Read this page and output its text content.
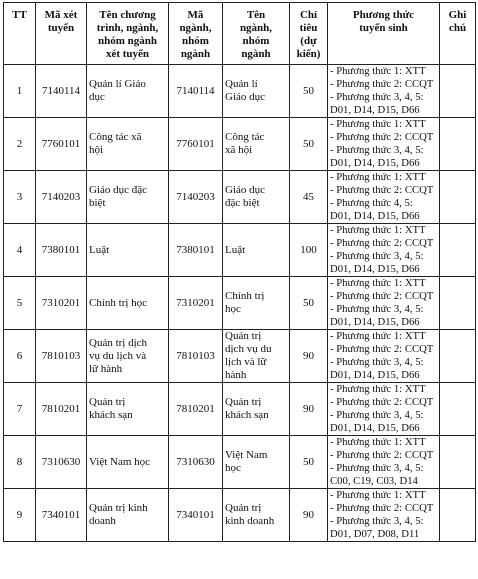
TT	Mã xét
tuyển	Tên chương
trình, ngành,
nhóm ngành
xét tuyển	Mã
ngành,
nhóm
ngành	Tên
ngành,
nhóm
ngành	Chỉ
tiêu
(dự
kiến)	Phương thức
tuyển sinh	Ghi
chú
1	7140114	Quản lí Giáo
dục	7140114	Quản lí
Giáo dục	50	- Phương thức 1: XTT
- Phương thức 2: CCQT
- Phương thức 3, 4, 5:
D01, D14, D15, D66	
2	7760101	Công tác xã
hội	7760101	Công tác
xã hội	50	- Phương thức 1: XTT
- Phương thức 2: CCQT
- Phương thức 3, 4, 5:
D01, D14, D15, D66	
3	7140203	Giáo dục đặc
biệt	7140203	Giáo dục
đặc biệt	45	- Phương thức 1: XTT
- Phương thức 2: CCQT
- Phương thức 4, 5:
D01, D14, D15, D66	
4	7380101	Luật	7380101	Luật	100	- Phương thức 1: XTT
- Phương thức 2: CCQT
- Phương thức 3, 4, 5:
D01, D14, D15, D66	
5	7310201	Chính trị học	7310201	Chính trị
học	50	- Phương thức 1: XTT
- Phương thức 2: CCQT
- Phương thức 3, 4, 5:
D01, D14, D15, D66	
6	7810103	Quản trị dịch
vụ du lịch và
lữ hành	7810103	Quản trị
dịch vụ du
lịch và lữ
hành	90	- Phương thức 1: XTT
- Phương thức 2: CCQT
- Phương thức 3, 4, 5:
D01, D14, D15, D66	
7	7810201	Quản trị
khách sạn	7810201	Quản trị
khách sạn	90	- Phương thức 1: XTT
- Phương thức 2: CCQT
- Phương thức 3, 4, 5:
D01, D14, D15, D66	
8	7310630	Việt Nam học	7310630	Việt Nam
học	50	- Phương thức 1: XTT
- Phương thức 2: CCQT
- Phương thức 3, 4, 5:
C00, C19, C03, D14	
9	7340101	Quản trị kinh
doanh	7340101	Quản trị
kinh doanh	90	- Phương thức 1: XTT
- Phương thức 2: CCQT
- Phương thức 3, 4, 5:
D01, D07, D08, D11	
